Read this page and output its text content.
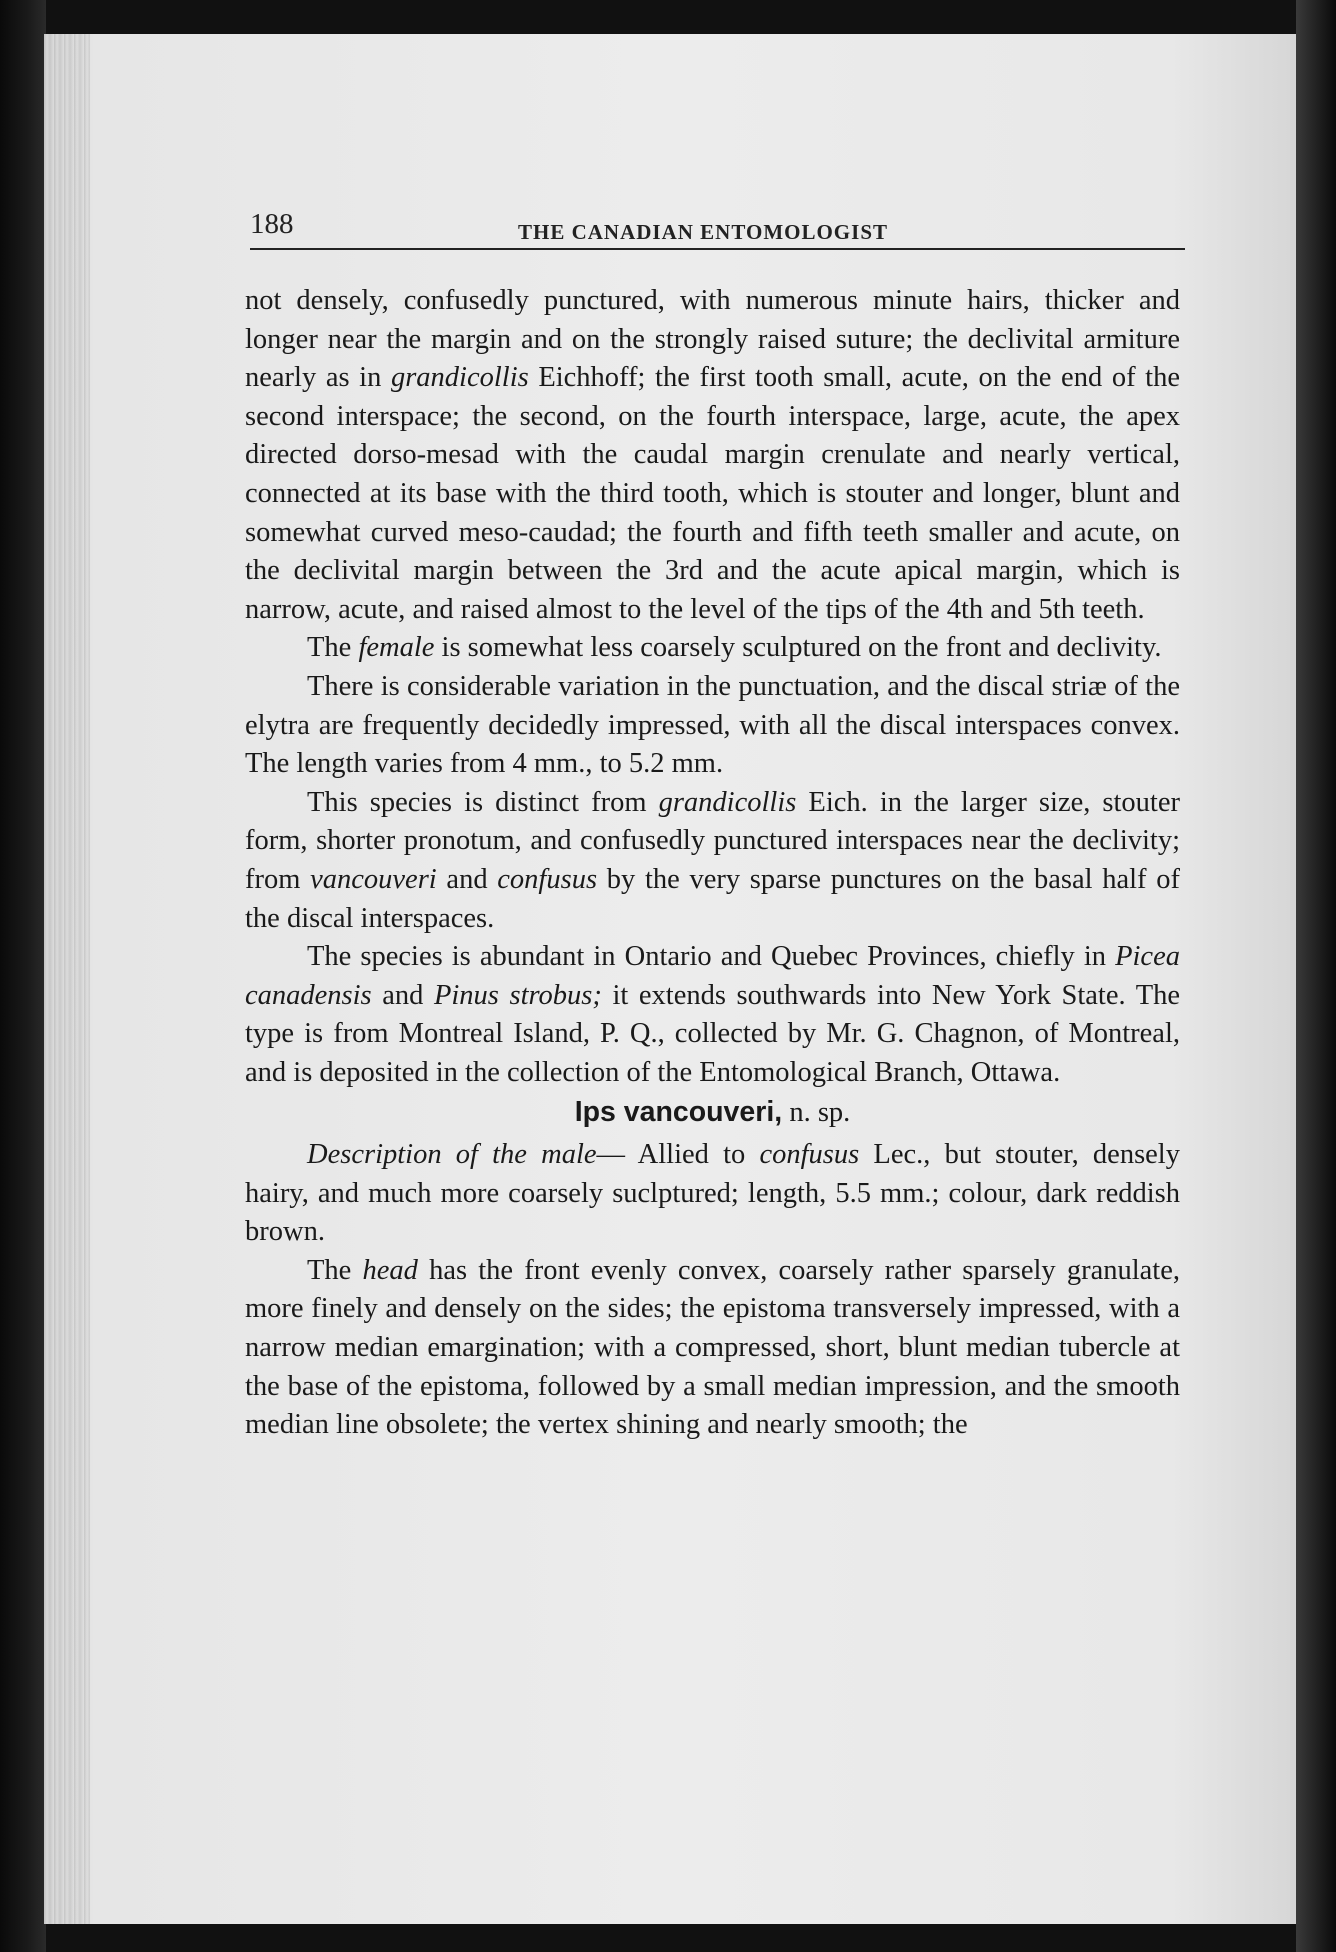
188	THE CANADIAN ENTOMOLOGIST

not densely, confusedly punctured, with numerous minute hairs, thicker and longer near the margin and on the strongly raised suture; the declivital armiture nearly as in grandicollis Eichhoff; the first tooth small, acute, on the end of the second interspace; the second, on the fourth interspace, large, acute, the apex directed dorso-mesad with the caudal margin crenulate and nearly vertical, connected at its base with the third tooth, which is stouter and longer, blunt and somewhat curved meso-caudad; the fourth and fifth teeth smaller and acute, on the declivital margin between the 3rd and the acute apical margin, which is narrow, acute, and raised almost to the level of the tips of the 4th and 5th teeth.

The female is somewhat less coarsely sculptured on the front and declivity.

There is considerable variation in the punctuation, and the discal striæ of the elytra are frequently decidedly impressed, with all the discal interspaces convex. The length varies from 4 mm., to 5.2 mm.

This species is distinct from grandicollis Eich. in the larger size, stouter form, shorter pronotum, and confusedly punctured interspaces near the declivity; from vancouveri and confusus by the very sparse punctures on the basal half of the discal interspaces.

The species is abundant in Ontario and Quebec Provinces, chiefly in Picea canadensis and Pinus strobus; it extends southwards into New York State. The type is from Montreal Island, P. Q., collected by Mr. G. Chagnon, of Montreal, and is deposited in the collection of the Entomological Branch, Ottawa.

Ips vancouveri, n. sp.

Description of the male— Allied to confusus Lec., but stouter, densely hairy, and much more coarsely suclptured; length, 5.5 mm.; colour, dark reddish brown.

The head has the front evenly convex, coarsely rather sparsely granulate, more finely and densely on the sides; the epistoma transversely impressed, with a narrow median emargination; with a compressed, short, blunt median tubercle at the base of the epistoma, followed by a small median impression, and the smooth median line obsolete; the vertex shining and nearly smooth; the
